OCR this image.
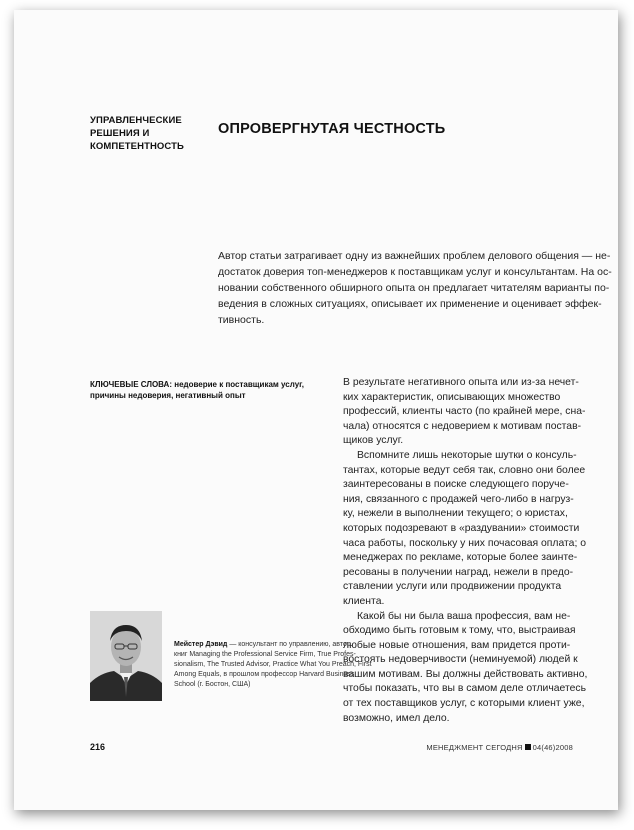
УПРАВЛЕНЧЕСКИЕ
РЕШЕНИЯ И
КОМПЕТЕНТНОСТЬ
ОПРОВЕРГНУТАЯ ЧЕСТНОСТЬ
Автор статьи затрагивает одну из важнейших проблем делового общения — не-
достаток доверия топ-менеджеров к поставщикам услуг и консультантам. На ос-
новании собственного обширного опыта он предлагает читателям варианты по-
ведения в сложных ситуациях, описывает их применение и оценивает эффек-
тивность.
КЛЮЧЕВЫЕ СЛОВА: недоверие к поставщикам услуг, причины недоверия, негативный опыт
В результате негативного опыта или из-за нечет-
ких характеристик, описывающих множество
профессий, клиенты часто (по крайней мере, сна-
чала) относятся с недоверием к мотивам постав-
щиков услуг.
Вспомните лишь некоторые шутки о консуль-
тантах, которые ведут себя так, словно они более
заинтересованы в поиске следующего поруче-
ния, связанного с продажей чего-либо в нагруз-
ку, нежели в выполнении текущего; о юристах,
которых подозревают в «раздувании» стоимости
часа работы, поскольку у них почасовая оплата; о
менеджерах по рекламе, которые более заинте-
ресованы в получении наград, нежели в предо-
ставлении услуги или продвижении продукта
клиента.
Какой бы ни была ваша профессия, вам не-
обходимо быть готовым к тому, что, выстраивая
любые новые отношения, вам придется проти-
востоять недоверчивости (неминуемой) людей к
вашим мотивам. Вы должны действовать активно,
чтобы показать, что вы в самом деле отличаетесь
от тех поставщиков услуг, с которыми клиент уже,
возможно, имел дело.
Мейстер Дэвид — консультант по управлению, автор
книг Managing the Professional Service Firm, True Profes-
sionalism, The Trusted Advisor, Practice What You Preach, First
Among Equals, в прошлом профессор Harvard Business
School (г. Бостон, США)
216	МЕНЕДЖМЕНТ СЕГОДНЯ 04(46)2008
